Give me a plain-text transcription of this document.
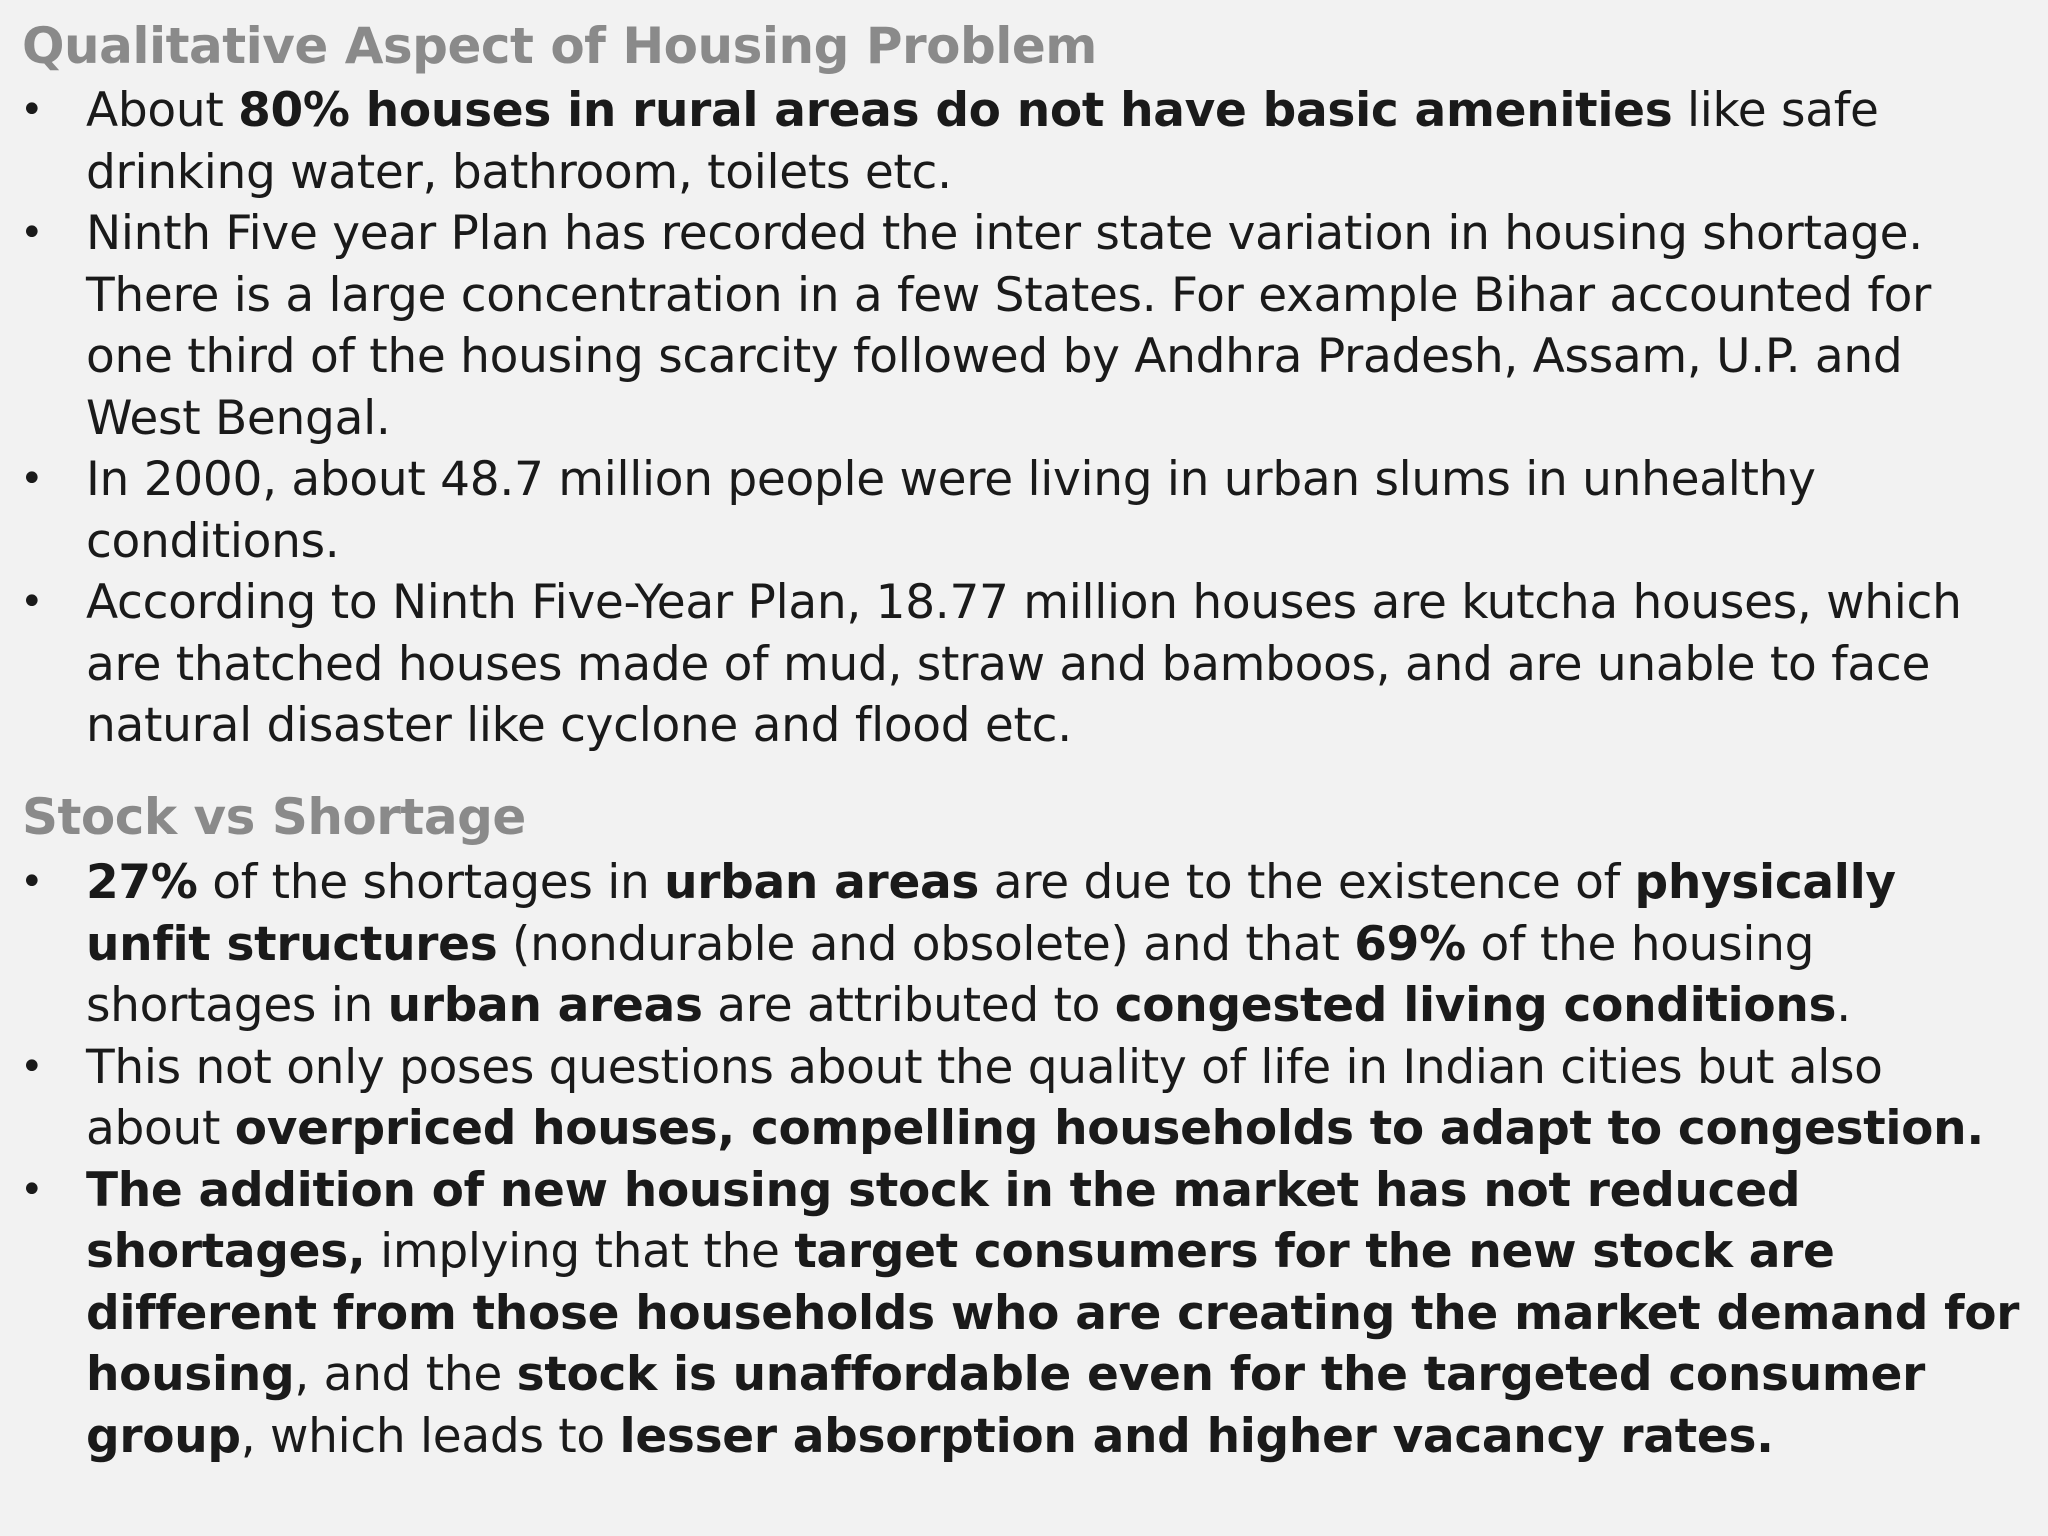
Qualitative Aspect of Housing Problem
• About 80% houses in rural areas do not have basic amenities like safe drinking water, bathroom, toilets etc.
• Ninth Five year Plan has recorded the inter state variation in housing shortage. There is a large concentration in a few States. For example Bihar accounted for one third of the housing scarcity followed by Andhra Pradesh, Assam, U.P. and West Bengal.
• In 2000, about 48.7 million people were living in urban slums in unhealthy conditions.
• According to Ninth Five-Year Plan, 18.77 million houses are kutcha houses, which are thatched houses made of mud, straw and bamboos, and are unable to face natural disaster like cyclone and flood etc.
Stock vs Shortage
• 27% of the shortages in urban areas are due to the existence of physically unfit structures (nondurable and obsolete) and that 69% of the housing shortages in urban areas are attributed to congested living conditions.
• This not only poses questions about the quality of life in Indian cities but also about overpriced houses, compelling households to adapt to congestion.
• The addition of new housing stock in the market has not reduced shortages, implying that the target consumers for the new stock are different from those households who are creating the market demand for housing, and the stock is unaffordable even for the targeted consumer group, which leads to lesser absorption and higher vacancy rates.
